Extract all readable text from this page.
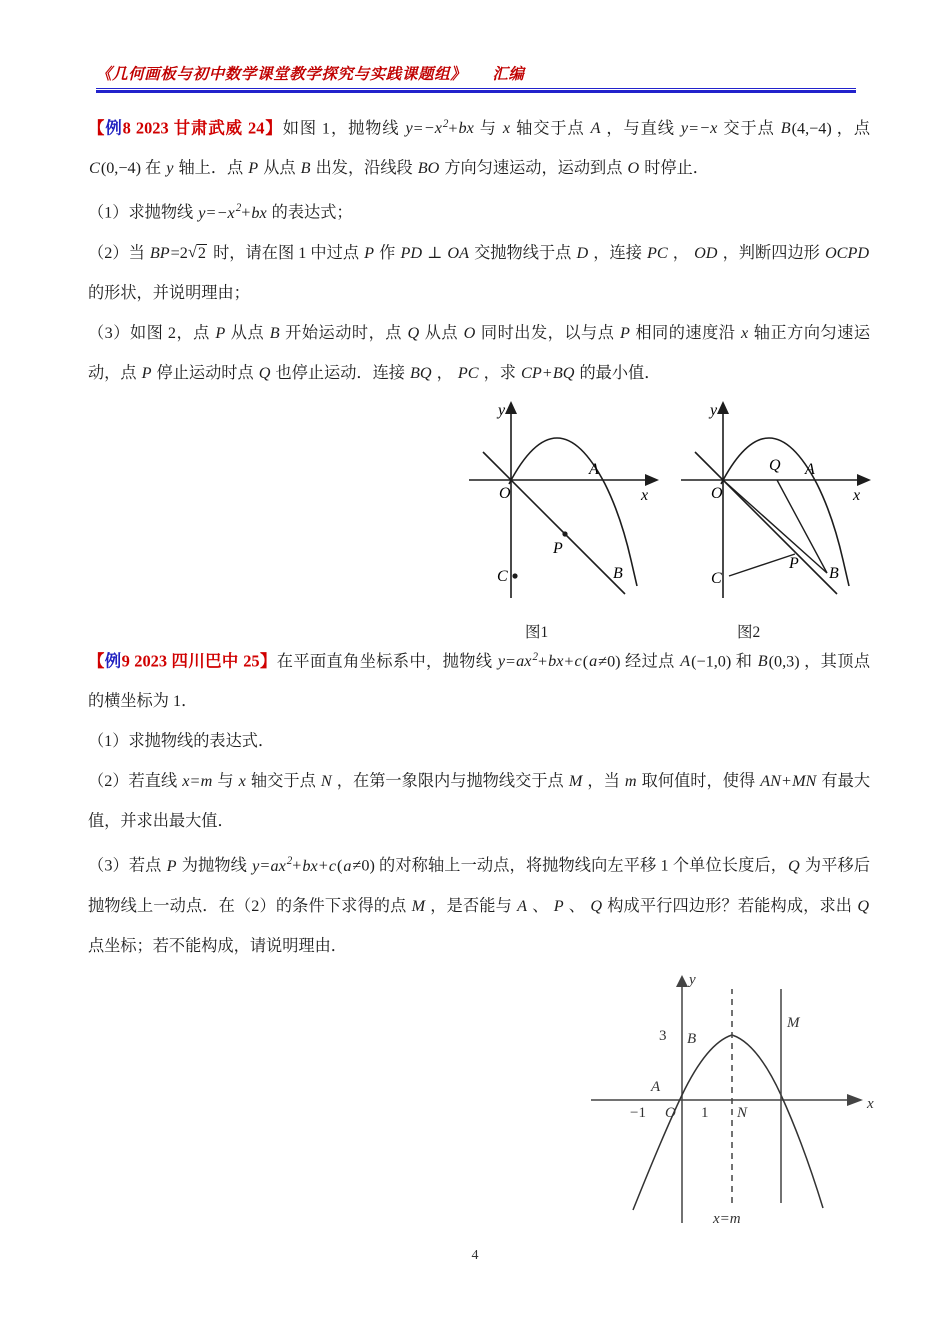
《几何画板与初中数学课堂教学探究与实践课题组》 汇编

【例8 2023 甘肃武威 24】如图 1，抛物线 $y=-x^2+bx$ 与 x 轴交于点 A ，与直线 y=−x 交于点 B(4,−4) ，点 C(0,−4) 在 y 轴上．点 P 从点 B 出发，沿线段 BO 方向匀速运动，运动到点 O 时停止．

（1）求抛物线 $y=-x^2+bx$ 的表达式；

（2）当 BP=2 √ 2 时，请在图 1 中过点 P 作 PD ⊥ OA 交抛物线于点 D ，连接 PC ， OD ，判断四边形 OCPD 的形状，并说明理由；

（3）如图 2，点 P 从点 B 开始运动时，点 Q 从点 O 同时出发，以与点 P 相同的速度沿 x 轴正方向匀速运动，点 P 停止运动时点 Q 也停止运动．连接 BQ ， PC ，求 CP+BQ 的最小值．

【例9 2023 四川巴中 25】在平面直角坐标系中，抛物线 $y=ax^2+bx+c(a\ne 0)$ 经过点 A(−1,0) 和 B(0,3) ，其顶点的横坐标为 1．

（1）求抛物线的表达式．

（2）若直线 x=m 与 x 轴交于点 N ，在第一象限内与抛物线交于点 M ，当 m 取何值时，使得 AN+MN 有最大值，并求出最大值．

（3）若点 P 为抛物线 $y=ax^2+bx+c(a\ne 0)$ 的对称轴上一动点，将抛物线向左平移 1 个单位长度后，Q 为平移后抛物线上一动点．在（2）的条件下求得的点 M ，是否能与 A 、 P 、 Q 构成平行四边形？若能构成，求出 Q 点坐标；若不能构成，请说明理由．

O	x
y
A
B
C
P
图1
O	x
y
A
Q
B
C
P
图2
x
y
A
−1 O 1 N
3 B
M
x=m
4
